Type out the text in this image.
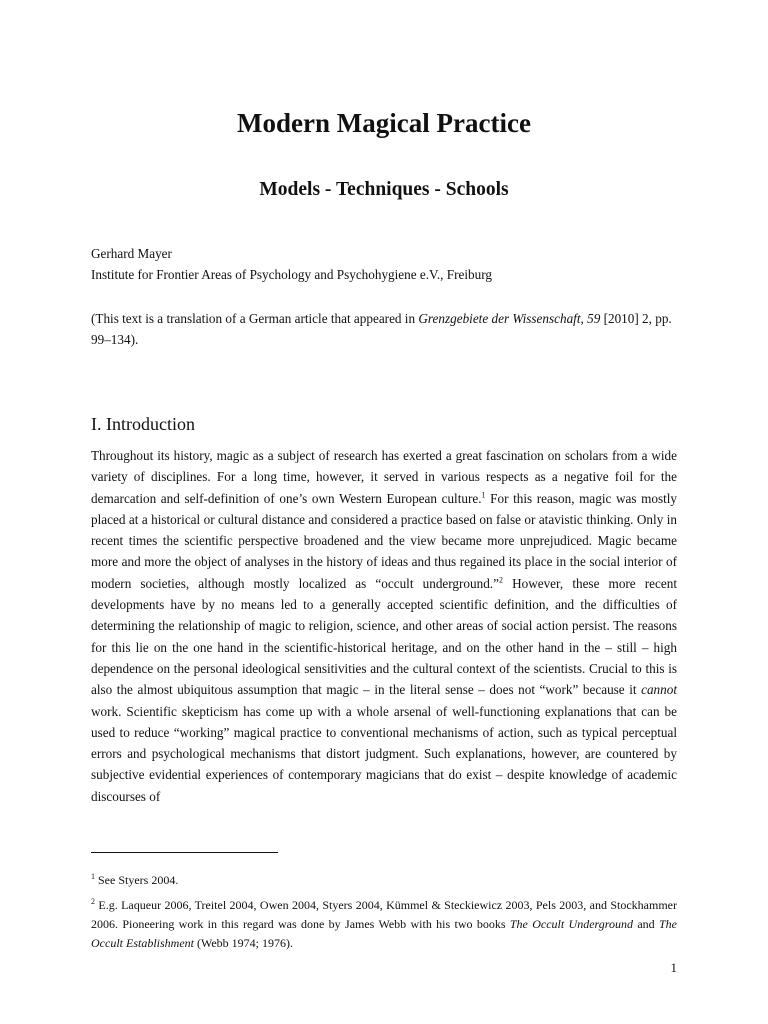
Modern Magical Practice
Models - Techniques - Schools

Gerhard Mayer
Institute for Frontier Areas of Psychology and Psychohygiene e.V., Freiburg

(This text is a translation of a German article that appeared in Grenzgebiete der Wissenschaft, 59 [2010] 2, pp. 99–134).

I. Introduction

Throughout its history, magic as a subject of research has exerted a great fascination on scholars from a wide variety of disciplines. For a long time, however, it served in various respects as a negative foil for the demarcation and self-definition of one’s own Western European culture.$^1$ For this reason, magic was mostly placed at a historical or cultural distance and considered a practice based on false or atavistic thinking. Only in recent times the scientific perspective broadened and the view became more unprejudiced. Magic became more and more the object of analyses in the history of ideas and thus regained its place in the social interior of modern societies, although mostly localized as “occult underground.”$^2$ However, these more recent developments have by no means led to a generally accepted scientific definition, and the difficulties of determining the relationship of magic to religion, science, and other areas of social action persist. The reasons for this lie on the one hand in the scientific-historical heritage, and on the other hand in the – still – high dependence on the personal ideological sensitivities and the cultural context of the scientists. Crucial to this is also the almost ubiquitous assumption that magic – in the literal sense – does not “work” because it cannot work. Scientific skepticism has come up with a whole arsenal of well-functioning explanations that can be used to reduce “working” magical practice to conventional mechanisms of action, such as typical perceptual errors and psychological mechanisms that distort judgment. Such explanations, however, are countered by subjective evidential experiences of contemporary magicians that do exist – despite knowledge of academic discourses of

$^1$ See Styers 2004.

$^2$ E.g. Laqueur 2006, Treitel 2004, Owen 2004, Styers 2004, Kümmel & Steckiewicz 2003, Pels 2003, and Stockhammer 2006. Pioneering work in this regard was done by James Webb with his two books The Occult Underground and The Occult Establishment (Webb 1974; 1976).

1
